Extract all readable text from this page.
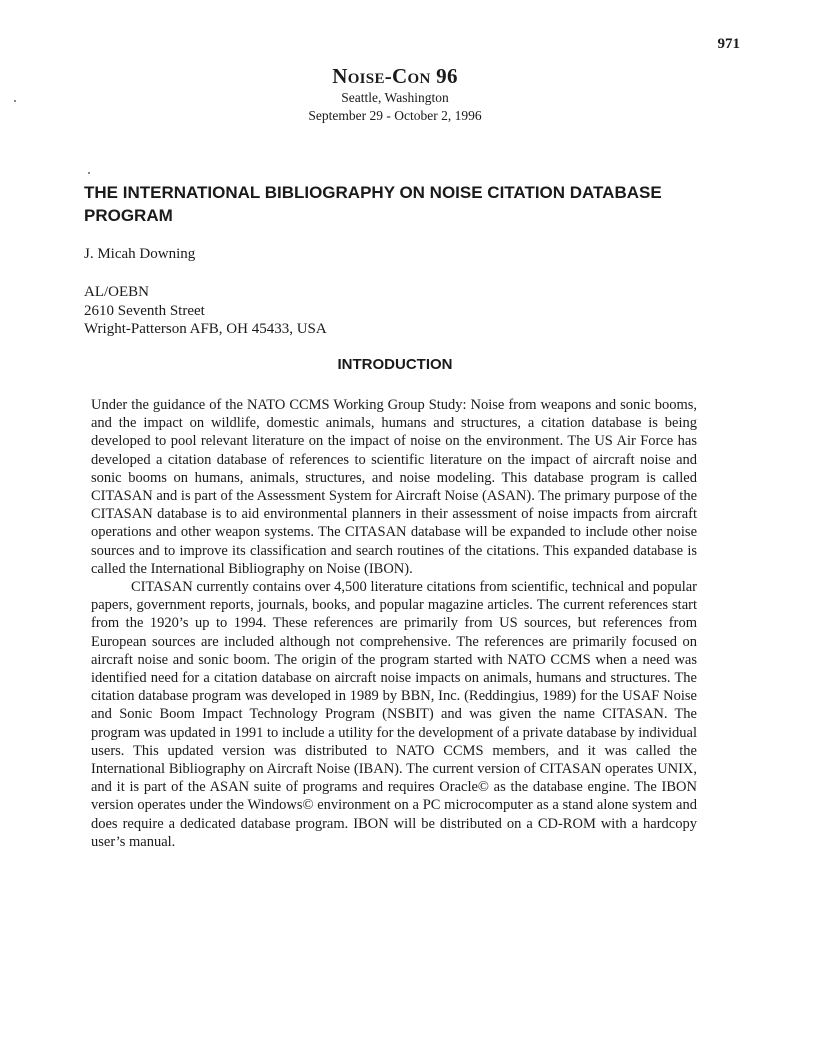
971

Noise-Con 96

Seattle, Washington

September 29 - October 2, 1996

THE INTERNATIONAL BIBLIOGRAPHY ON NOISE CITATION DATABASE PROGRAM

J. Micah Downing

AL/OEBN
2610 Seventh Street
Wright-Patterson AFB, OH 45433, USA
INTRODUCTION

Under the guidance of the NATO CCMS Working Group Study: Noise from weapons and sonic booms, and the impact on wildlife, domestic animals, humans and structures, a citation database is being developed to pool relevant literature on the impact of noise on the environment. The US Air Force has developed a citation database of references to scientific literature on the impact of aircraft noise and sonic booms on humans, animals, structures, and noise modeling. This database program is called CITASAN and is part of the Assessment System for Aircraft Noise (ASAN). The primary purpose of the CITASAN database is to aid environmental planners in their assessment of noise impacts from aircraft operations and other weapon systems. The CITASAN database will be expanded to include other noise sources and to improve its classification and search routines of the citations. This expanded database is called the International Bibliography on Noise (IBON).

CITASAN currently contains over 4,500 literature citations from scientific, technical and popular papers, government reports, journals, books, and popular magazine articles. The current references start from the 1920’s up to 1994. These references are primarily from US sources, but references from European sources are included although not comprehensive. The references are primarily focused on aircraft noise and sonic boom. The origin of the program started with NATO CCMS when a need was identified need for a citation database on aircraft noise impacts on animals, humans and structures. The citation database program was developed in 1989 by BBN, Inc. (Reddingius, 1989) for the USAF Noise and Sonic Boom Impact Technology Program (NSBIT) and was given the name CITASAN. The program was updated in 1991 to include a utility for the development of a private database by individual users. This updated version was distributed to NATO CCMS members, and it was called the International Bibliography on Aircraft Noise (IBAN). The current version of CITASAN operates UNIX, and it is part of the ASAN suite of programs and requires Oracle© as the database engine. The IBON version operates under the Windows© environment on a PC microcomputer as a stand alone system and does require a dedicated database program. IBON will be distributed on a CD-ROM with a hardcopy user’s manual.
